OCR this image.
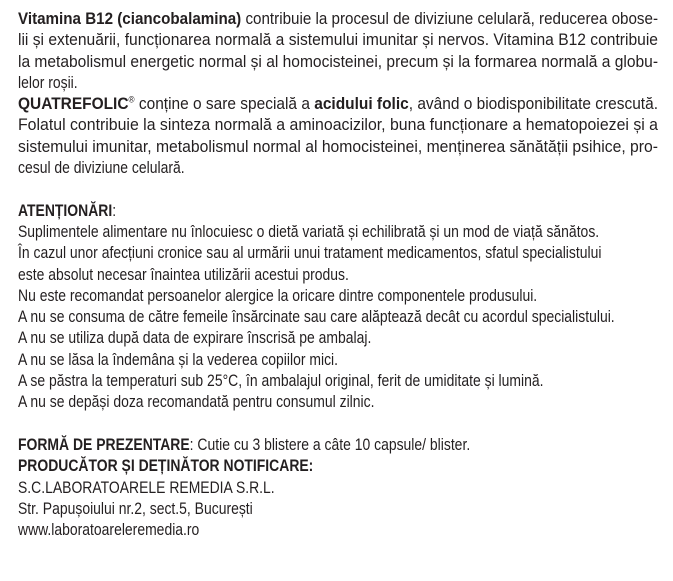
Vitamina B12 (ciancobalamina) contribuie la procesul de diviziune celulară, reducerea obose-
lii și extenuării, funcționarea normală a sistemului imunitar și nervos. Vitamina B12 contribuie
la metabolismul energetic normal și al homocisteinei, precum și la formarea normală a globu-
lelor roșii.
QUATREFOLIC® conține o sare specială a acidului folic, având o biodisponibilitate crescută.
Folatul contribuie la sinteza normală a aminoacizilor, buna funcționare a hematopoiezei și a
sistemului imunitar, metabolismul normal al homocisteinei, menținerea sănătății psihice, pro-
cesul de diviziune celulară.
ATENȚIONĂRI:
Suplimentele alimentare nu înlocuiesc o dietă variată și echilibrată și un mod de viață sănătos.
În cazul unor afecțiuni cronice sau al urmării unui tratament medicamentos, sfatul specialistului
este absolut necesar înaintea utilizării acestui produs.
Nu este recomandat persoanelor alergice la oricare dintre componentele produsului.
A nu se consuma de către femeile însărcinate sau care alăptează decât cu acordul specialistului.
A nu se utiliza după data de expirare înscrisă pe ambalaj.
A nu se lăsa la îndemâna și la vederea copiilor mici.
A se păstra la temperaturi sub 25°C, în ambalajul original, ferit de umiditate și lumină.
A nu se depăși doza recomandată pentru consumul zilnic.
FORMĂ DE PREZENTARE: Cutie cu 3 blistere a câte 10 capsule/ blister.
PRODUCĂTOR ȘI DEȚINĂTOR NOTIFICARE:
S.C.LABORATOARELE REMEDIA S.R.L.
Str. Papușoiului nr.2, sect.5, București
www.laboratoareleremedia.ro
